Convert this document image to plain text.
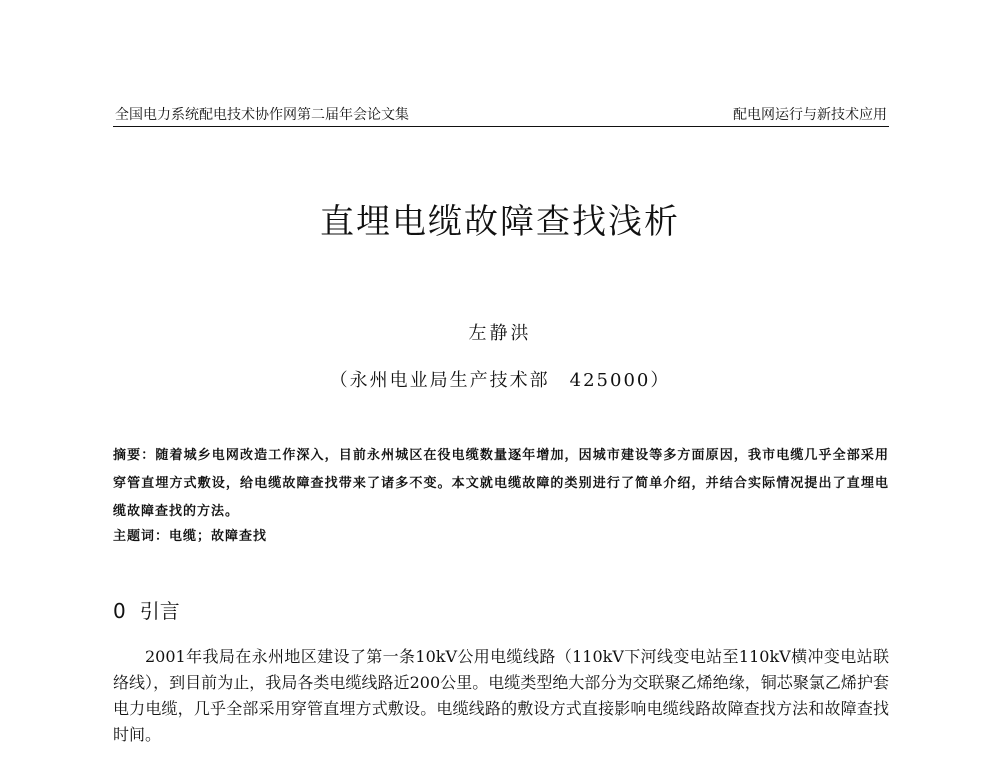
全国电力系统配电技术协作网第二届年会论文集	配电网运行与新技术应用
直埋电缆故障查找浅析
左静洪
（永州电业局生产技术部　425000）
摘要：随着城乡电网改造工作深入，目前永州城区在役电缆数量逐年增加，因城市建设等多方面原因，我市电缆几乎全部采用穿管直埋方式敷设，给电缆故障查找带来了诸多不变。本文就电缆故障的类别进行了简单介绍，并结合实际情况提出了直埋电缆故障查找的方法。
主题词：电缆；故障查找
0 引言
2001年我局在永州地区建设了第一条10kV公用电缆线路（110kV下河线变电站至110kV横冲变电站联络线），到目前为止，我局各类电缆线路近200公里。电缆类型绝大部分为交联聚乙烯绝缘，铜芯聚氯乙烯护套电力电缆，几乎全部采用穿管直埋方式敷设。电缆线路的敷设方式直接影响电缆线路故障查找方法和故障查找时间。
